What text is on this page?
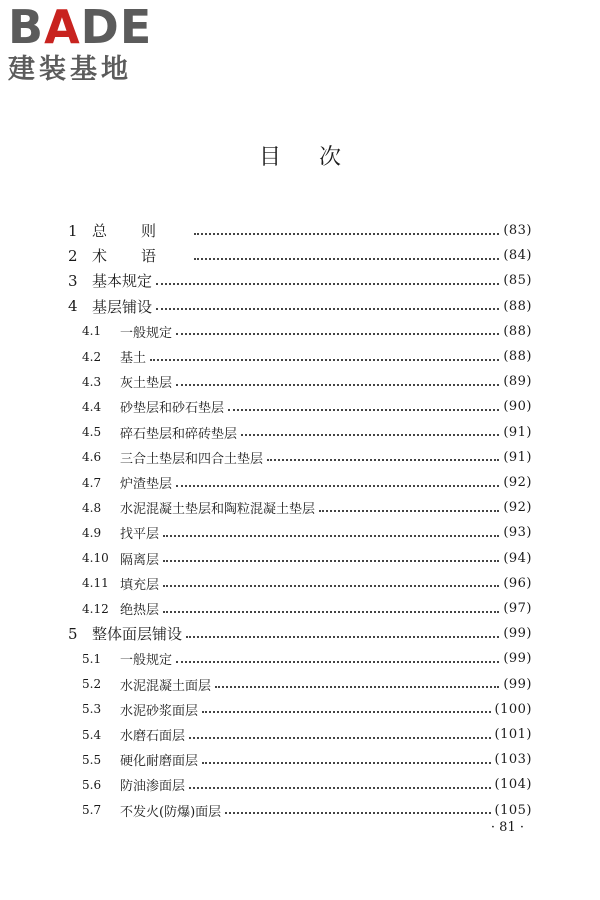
BADE
建装基地
目次
1 总则	(83)
2 术语	(84)
3 基本规定	(85)
4 基层铺设	(88)
4.1	一般规定	(88)
4.2	基土	(88)
4.3	灰土垫层	(89)
4.4	砂垫层和砂石垫层	(90)
4.5	碎石垫层和碎砖垫层	(91)
4.6	三合土垫层和四合土垫层	(91)
4.7	炉渣垫层	(92)
4.8	水泥混凝土垫层和陶粒混凝土垫层	(92)
4.9	找平层	(93)
4.10 隔离层	(94)
4.11 填充层	(96)
4.12 绝热层	(97)
5 整体面层铺设	(99)
5.1	一般规定	(99)
5.2	水泥混凝土面层	(99)
5.3	水泥砂浆面层	(100)
5.4	水磨石面层	(101)
5.5	硬化耐磨面层	(103)
5.6	防油渗面层	(104)
5.7	不发火(防爆)面层	(105)
· 81 ·
